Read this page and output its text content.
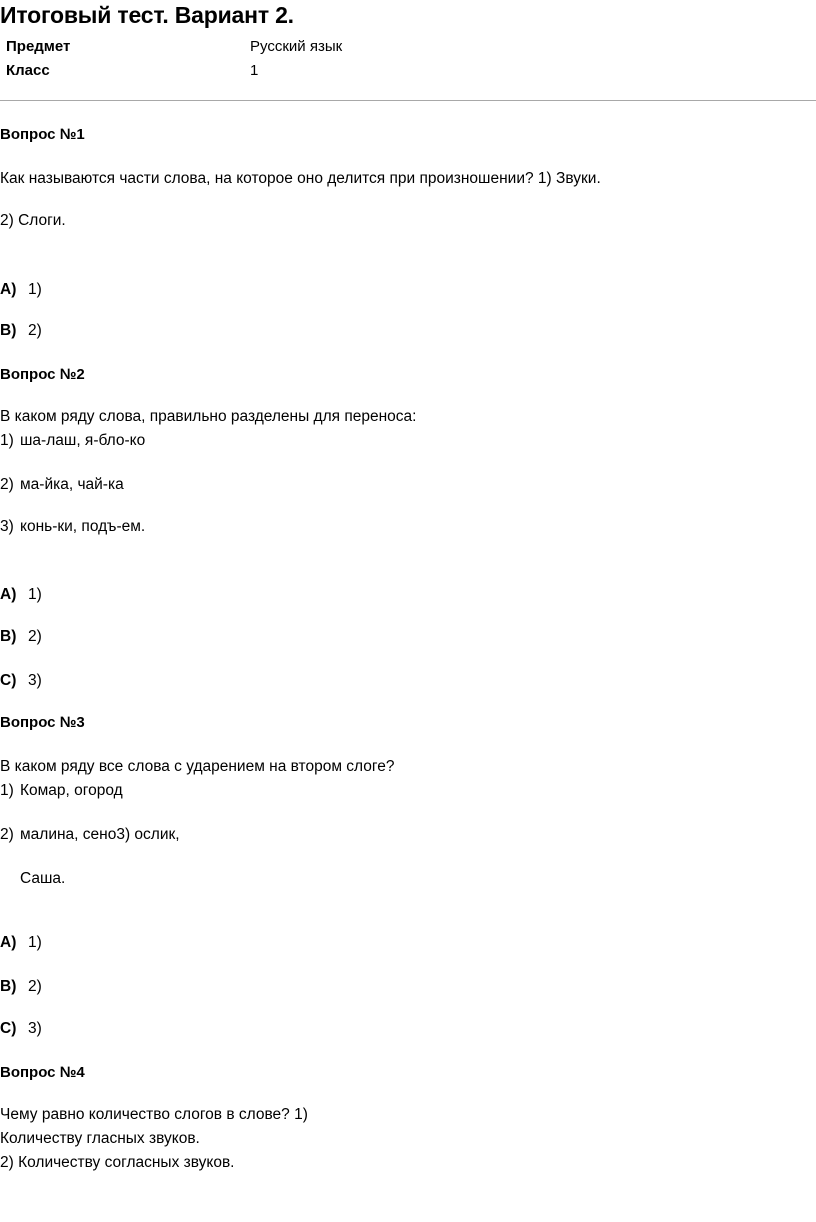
Итоговый тест. Вариант 2.
Предмет	Русский язык
Класс	1
Вопрос №1
Как называются части слова, на которое оно делится при произношении? 1) Звуки.
2) Слоги.
A) 1)
B) 2)
Вопрос №2
В каком ряду слова, правильно разделены для переноса:
1) ша-лаш, я-бло-ко
2) ма-йка, чай-ка
3) конь-ки, подъ-ем.
A) 1)
B) 2)
C) 3)
Вопрос №3
В каком ряду все слова с ударением на втором слоге?
1) Комар, огород
2) малина, сено3) ослик,
Саша.
A) 1)
B) 2)
C) 3)
Вопрос №4
Чему равно количество слогов в слове? 1)
Количеству гласных звуков.
2) Количеству согласных звуков.
